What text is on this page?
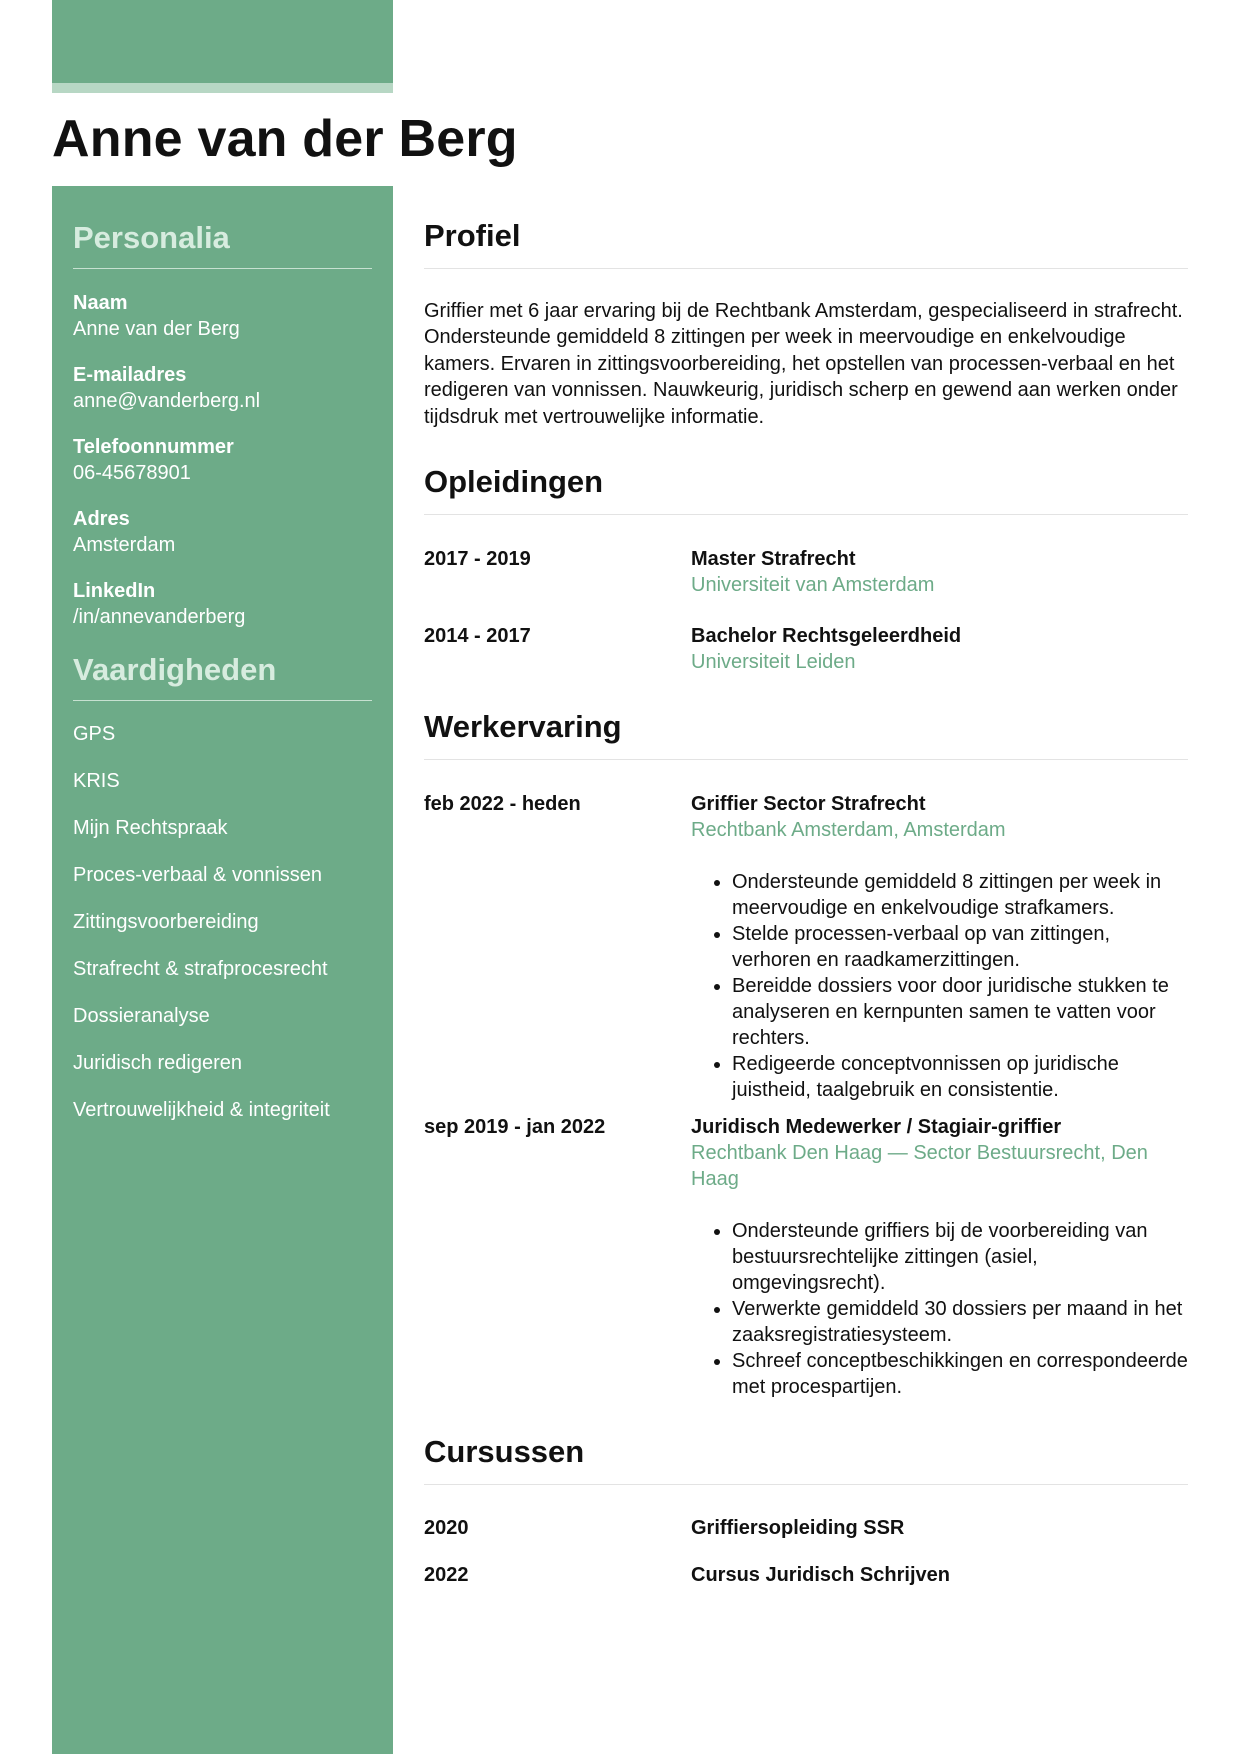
Anne van der Berg
Personalia
Naam
Anne van der Berg
E-mailadres
anne@vanderberg.nl
Telefoonnummer
06-45678901
Adres
Amsterdam
LinkedIn
/in/annevanderberg
Vaardigheden
GPS
KRIS
Mijn Rechtspraak
Proces-verbaal & vonnissen
Zittingsvoorbereiding
Strafrecht & strafprocesrecht
Dossieranalyse
Juridisch redigeren
Vertrouwelijkheid & integriteit
Profiel

Griffier met 6 jaar ervaring bij de Rechtbank Amsterdam, gespecialiseerd in strafrecht. Ondersteunde gemiddeld 8 zittingen per week in meervoudige en enkelvoudige kamers. Ervaren in zittingsvoorbereiding, het opstellen van processen-verbaal en het redigeren van vonnissen. Nauwkeurig, juridisch scherp en gewend aan werken onder tijdsdruk met vertrouwelijke informatie.

Opleidingen
2017 - 2019	Master Strafrecht
Universiteit van Amsterdam
2014 - 2017	Bachelor Rechtsgeleerdheid
Universiteit Leiden
Werkervaring
feb 2022 - heden	Griffier Sector Strafrecht
Rechtbank Amsterdam, Amsterdam
• Ondersteunde gemiddeld 8 zittingen per week in meervoudige en enkelvoudige strafkamers.
• Stelde processen-verbaal op van zittingen, verhoren en raadkamerzittingen.
• Bereidde dossiers voor door juridische stukken te analyseren en kernpunten samen te vatten voor rechters.
• Redigeerde conceptvonnissen op juridische juistheid, taalgebruik en consistentie.
sep 2019 - jan 2022	Juridisch Medewerker / Stagiair-griffier
Rechtbank Den Haag — Sector Bestuursrecht, Den Haag
• Ondersteunde griffiers bij de voorbereiding van bestuursrechtelijke zittingen (asiel, omgevingsrecht).
• Verwerkte gemiddeld 30 dossiers per maand in het zaaksregistratiesysteem.
• Schreef conceptbeschikkingen en correspondeerde met procespartijen.
Cursussen
2020	Griffiersopleiding SSR
2022	Cursus Juridisch Schrijven
